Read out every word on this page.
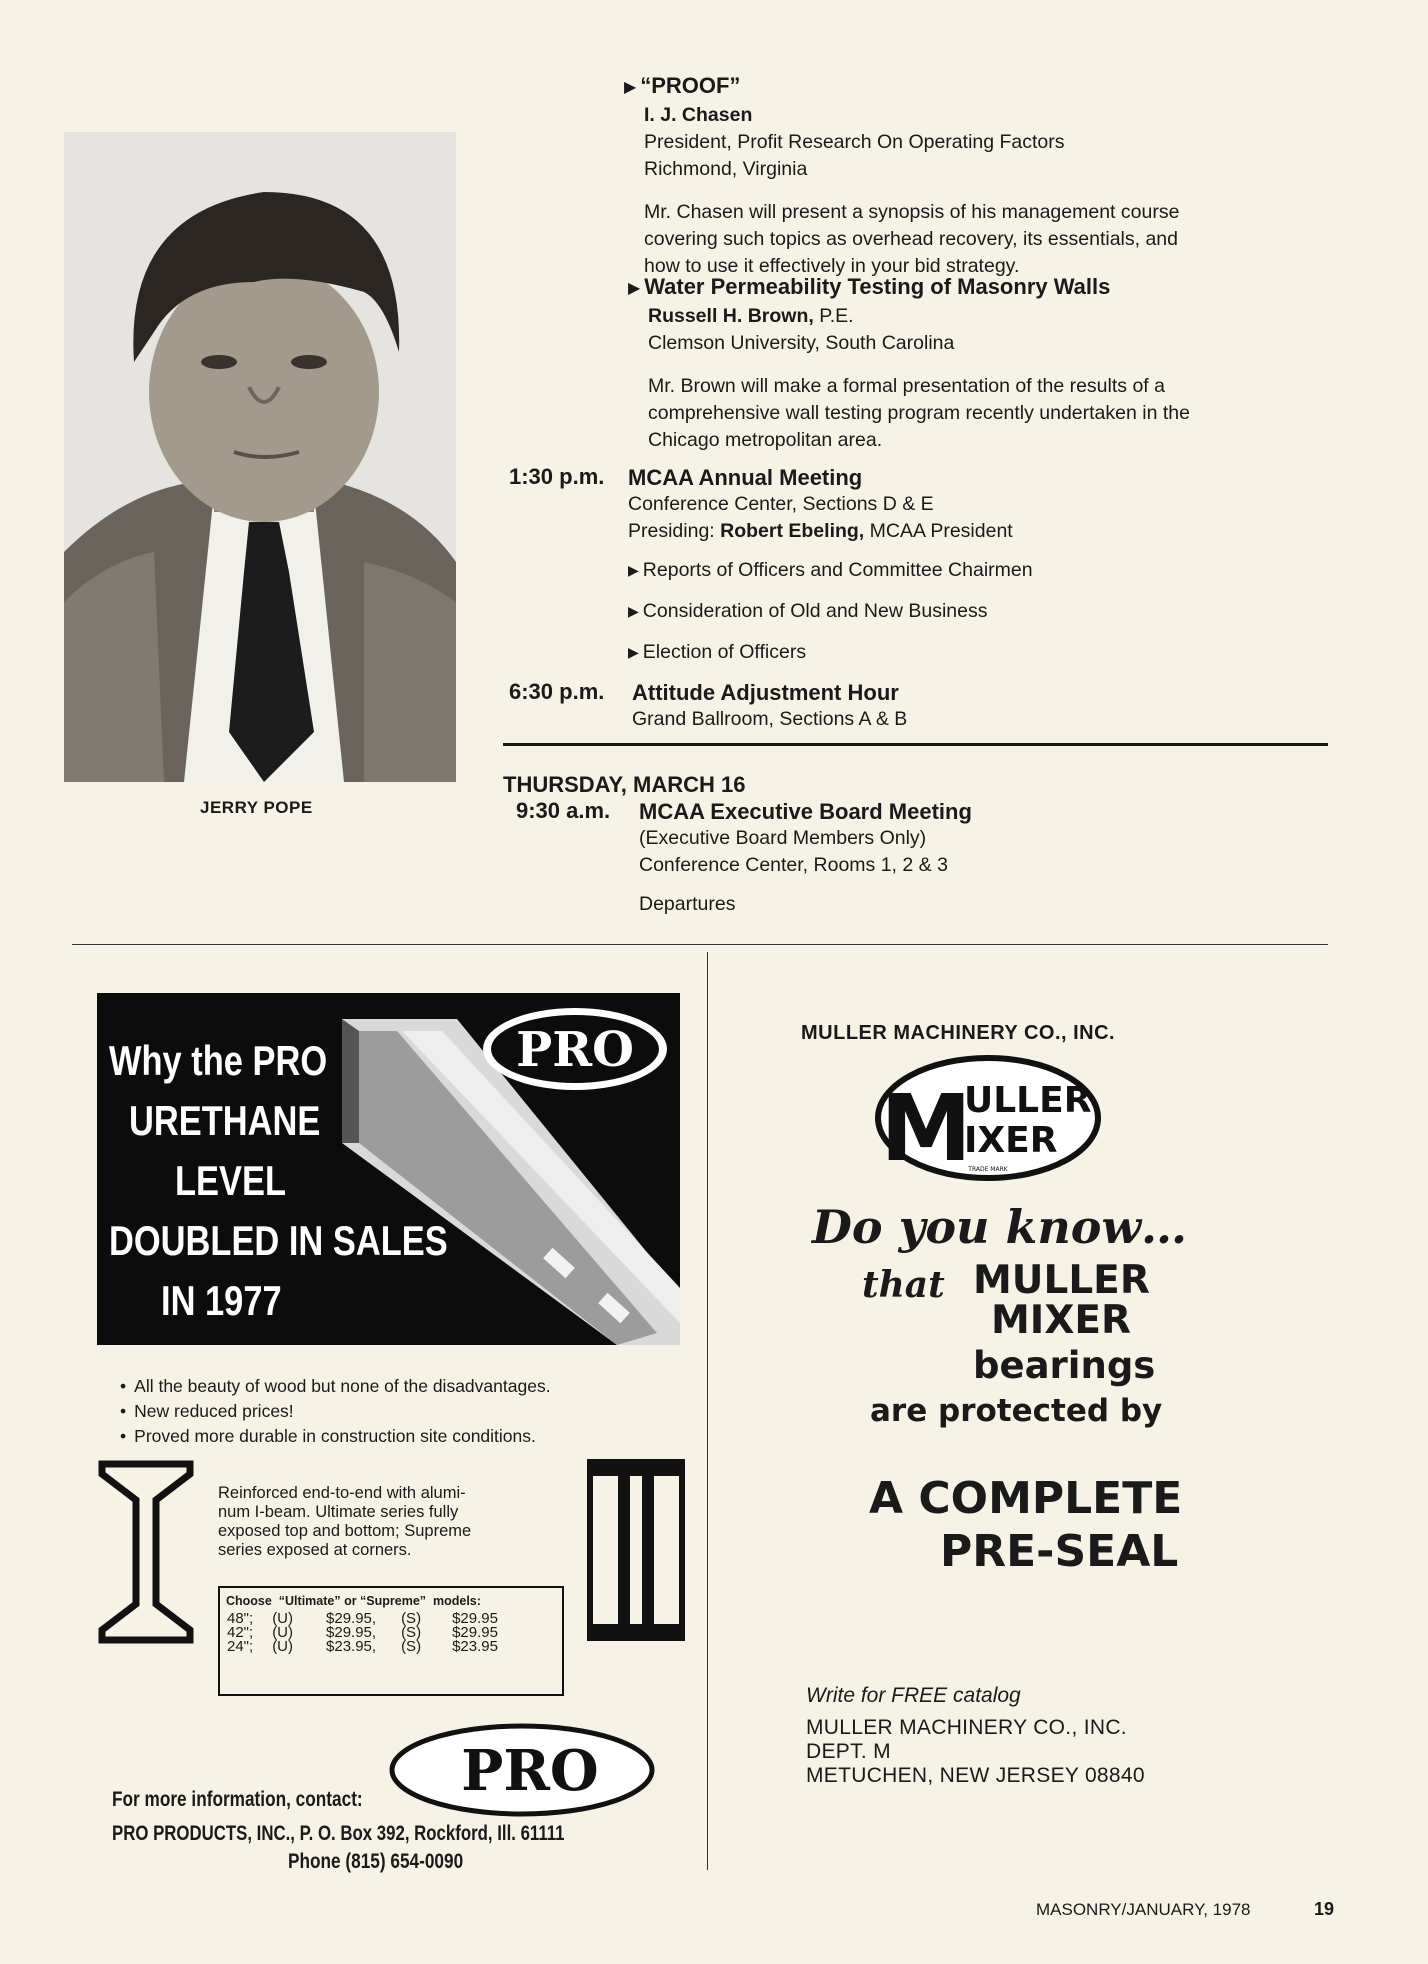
JERRY POPE

▶ “PROOF”

I. J. Chasen

President, Profit Research On Operating Factors

Richmond, Virginia

Mr. Chasen will present a synopsis of his management course

covering such topics as overhead recovery, its essentials, and

how to use it effectively in your bid strategy.

▶ Water Permeability Testing of Masonry Walls

Russell H. Brown, P.E.

Clemson University, South Carolina

Mr. Brown will make a formal presentation of the results of a

comprehensive wall testing program recently undertaken in the

Chicago metropolitan area.

1:30 p.m. MCAA Annual Meeting

Conference Center, Sections D & E

Presiding: Robert Ebeling, MCAA President

▶ Reports of Officers and Committee Chairmen

▶ Consideration of Old and New Business

▶ Election of Officers

6:30 p.m. Attitude Adjustment Hour

Grand Ballroom, Sections A & B

THURSDAY, MARCH 16
9:30 a.m. MCAA Executive Board Meeting

(Executive Board Members Only)

Conference Center, Rooms 1, 2 & 3

Departures

PRO
Why the PRO
URETHANE
LEVEL
DOUBLED IN SALES
IN 1977
• All the beauty of wood but none of the disadvantages.
• New reduced prices!
• Proved more durable in construction site conditions.
Reinforced end-to-end with alumi-
num I-beam. Ultimate series fully
exposed top and bottom; Supreme
series exposed at corners.
Choose  “Ultimate” or “Supreme”  models:
48";	(U)	$29.95,	(S)	$29.95
42";	(U)	$29.95,	(S)	$29.95
24";	(U)	$23.95,	(S)	$23.95
PRO
For more information, contact:
PRO PRODUCTS, INC., P. O. Box 392, Rockford, Ill. 61111
Phone (815) 654-0090
MULLER MACHINERY CO., INC.
M
ULLER
IXER
TRADE MARK
Do you know…
that MULLER
MIXER
bearings
are protected by
A COMPLETE
PRE-SEAL
Write for FREE catalog
MULLER MACHINERY CO., INC.
DEPT. M
METUCHEN, NEW JERSEY 08840
MASONRY/JANUARY, 1978	19
